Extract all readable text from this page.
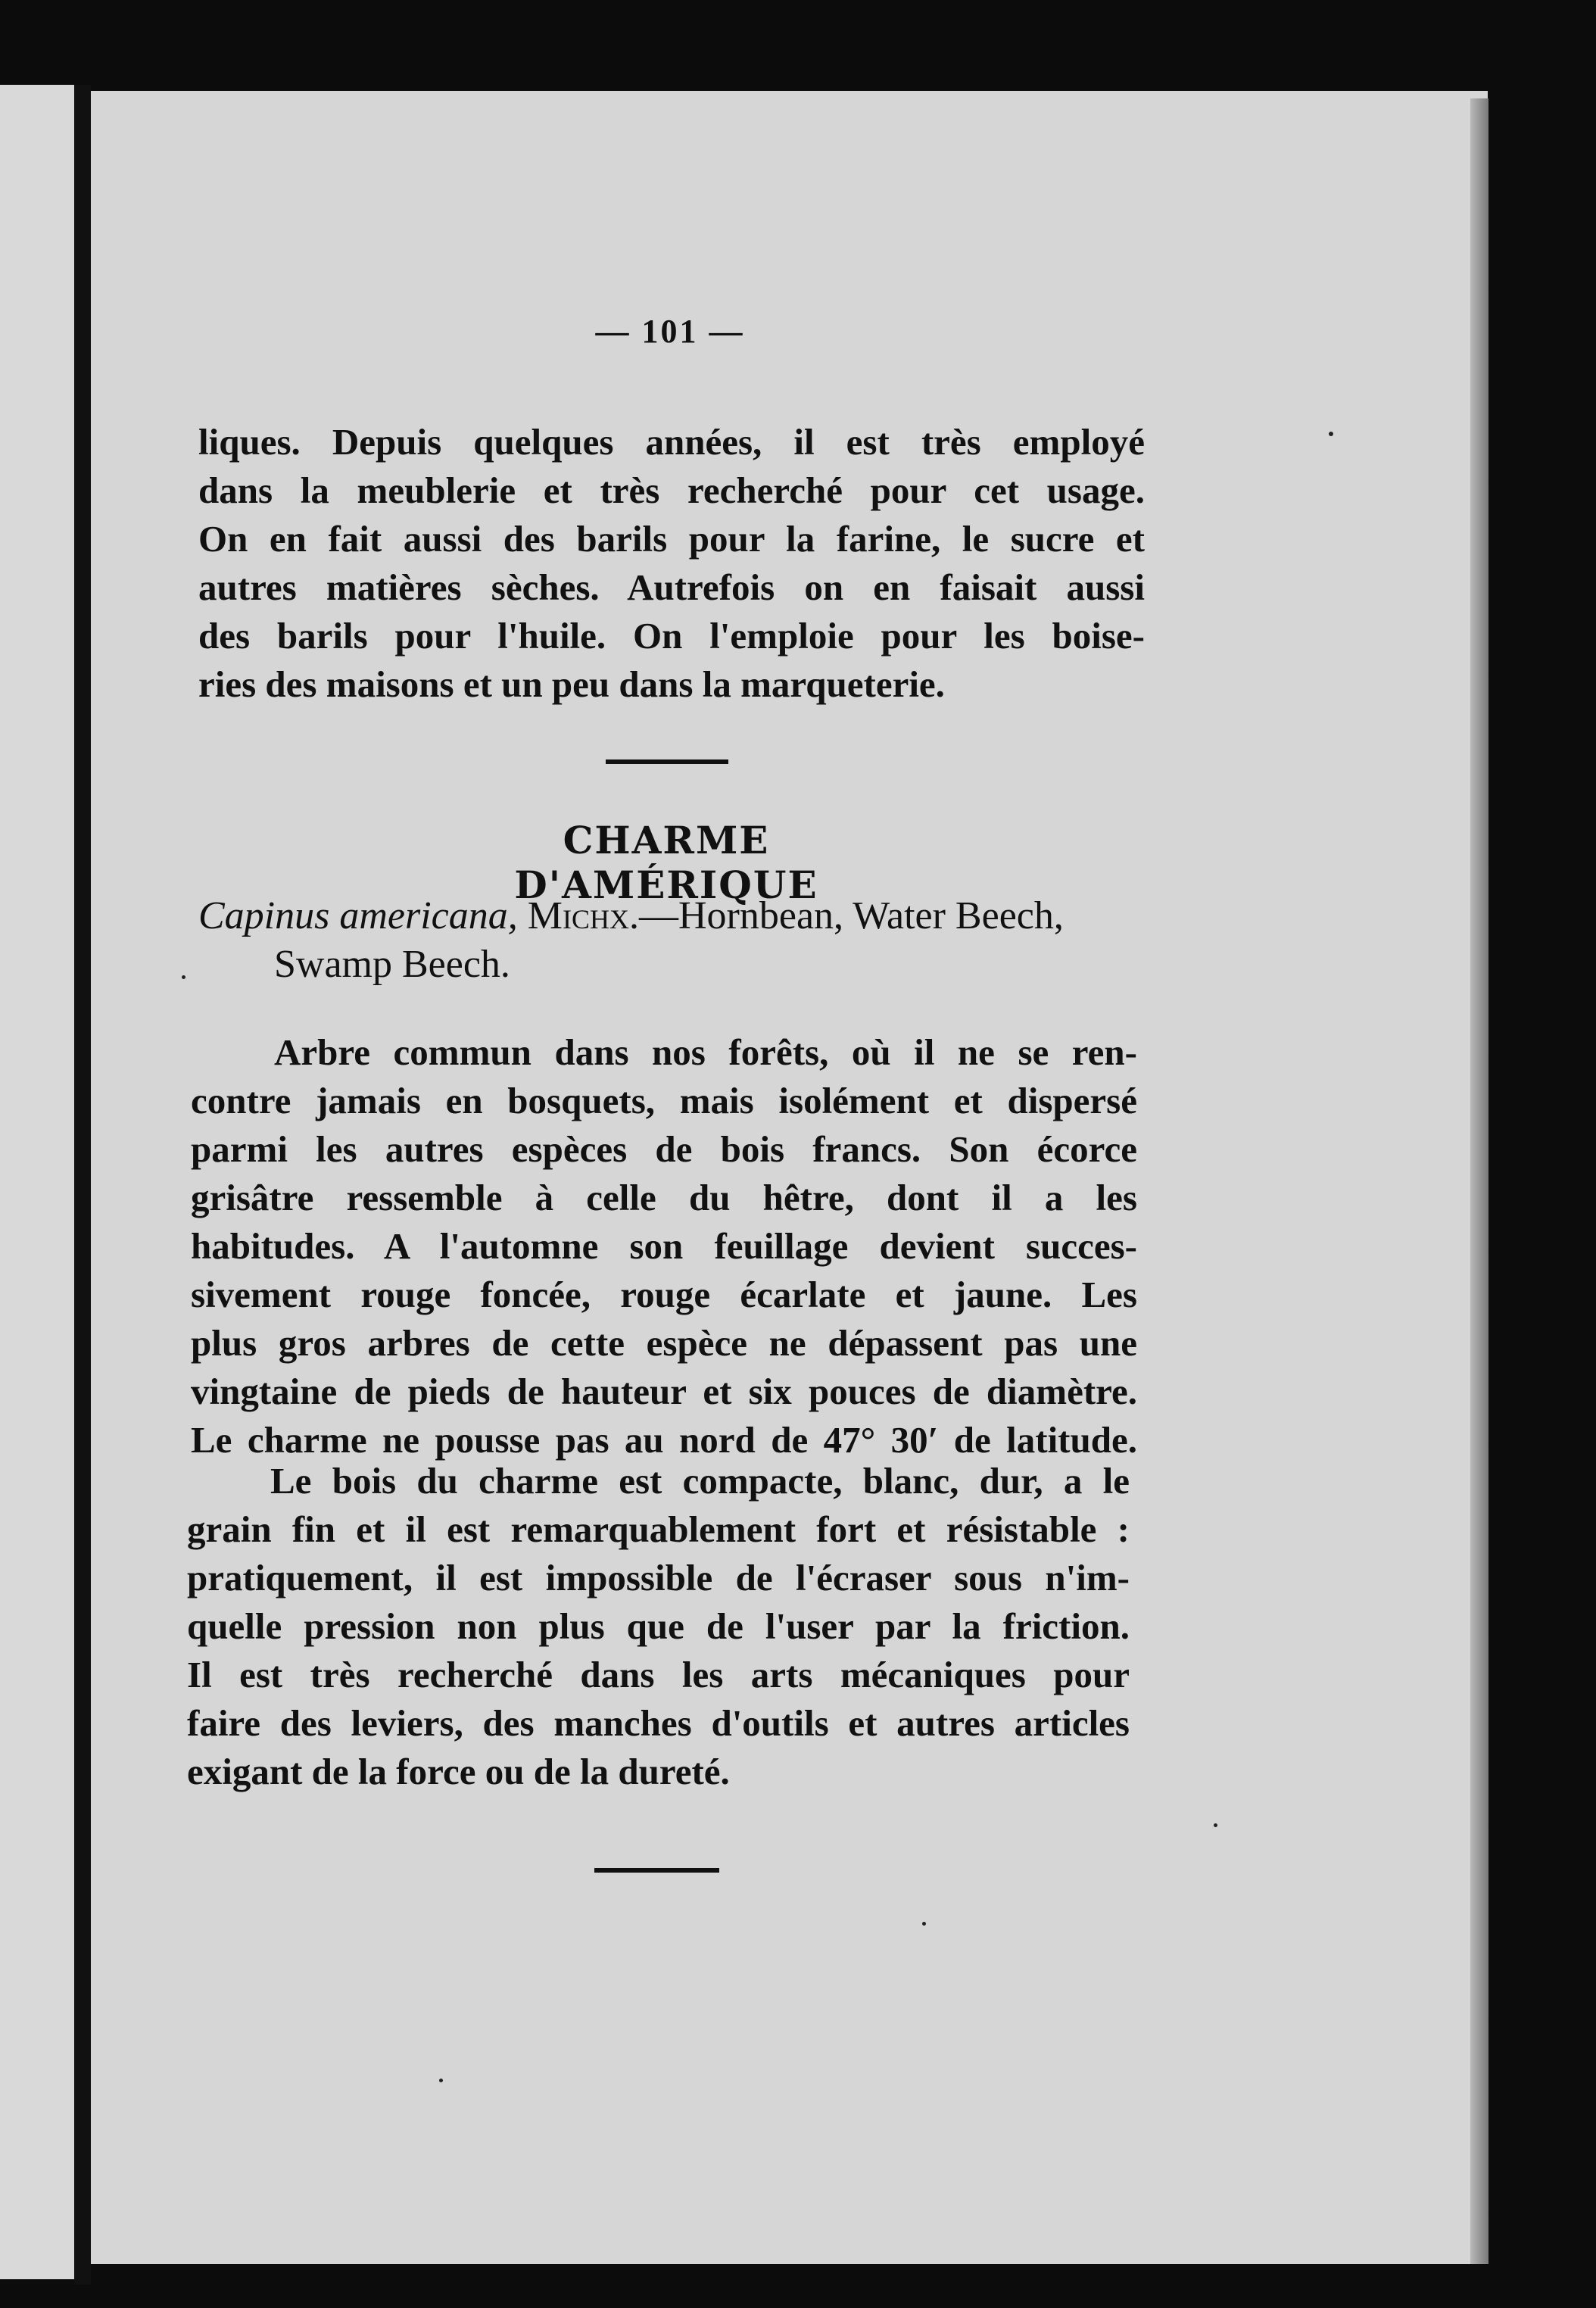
— 101 —
liques. Depuis quelques années, il est très employé
dans la meublerie et très recherché pour cet usage.
On en fait aussi des barils pour la farine, le sucre et
autres matières sèches. Autrefois on en faisait aussi
des barils pour l'huile. On l'emploie pour les boise-
ries des maisons et un peu dans la marqueterie.
CHARME D'AMÉRIQUE
Capinus americana, Michx.—Hornbean, Water Beech,
Swamp Beech.
Arbre commun dans nos forêts, où il ne se ren-
contre jamais en bosquets, mais isolément et dispersé
parmi les autres espèces de bois francs. Son écorce
grisâtre ressemble à celle du hêtre, dont il a les
habitudes. A l'automne son feuillage devient succes-
sivement rouge foncée, rouge écarlate et jaune. Les
plus gros arbres de cette espèce ne dépassent pas une
vingtaine de pieds de hauteur et six pouces de diamètre.
Le charme ne pousse pas au nord de 47° 30′ de latitude.
Le bois du charme est compacte, blanc, dur, a le
grain fin et il est remarquablement fort et résistable :
pratiquement, il est impossible de l'écraser sous n'im-
quelle pression non plus que de l'user par la friction.
Il est très recherché dans les arts mécaniques pour
faire des leviers, des manches d'outils et autres articles
exigant de la force ou de la dureté.
